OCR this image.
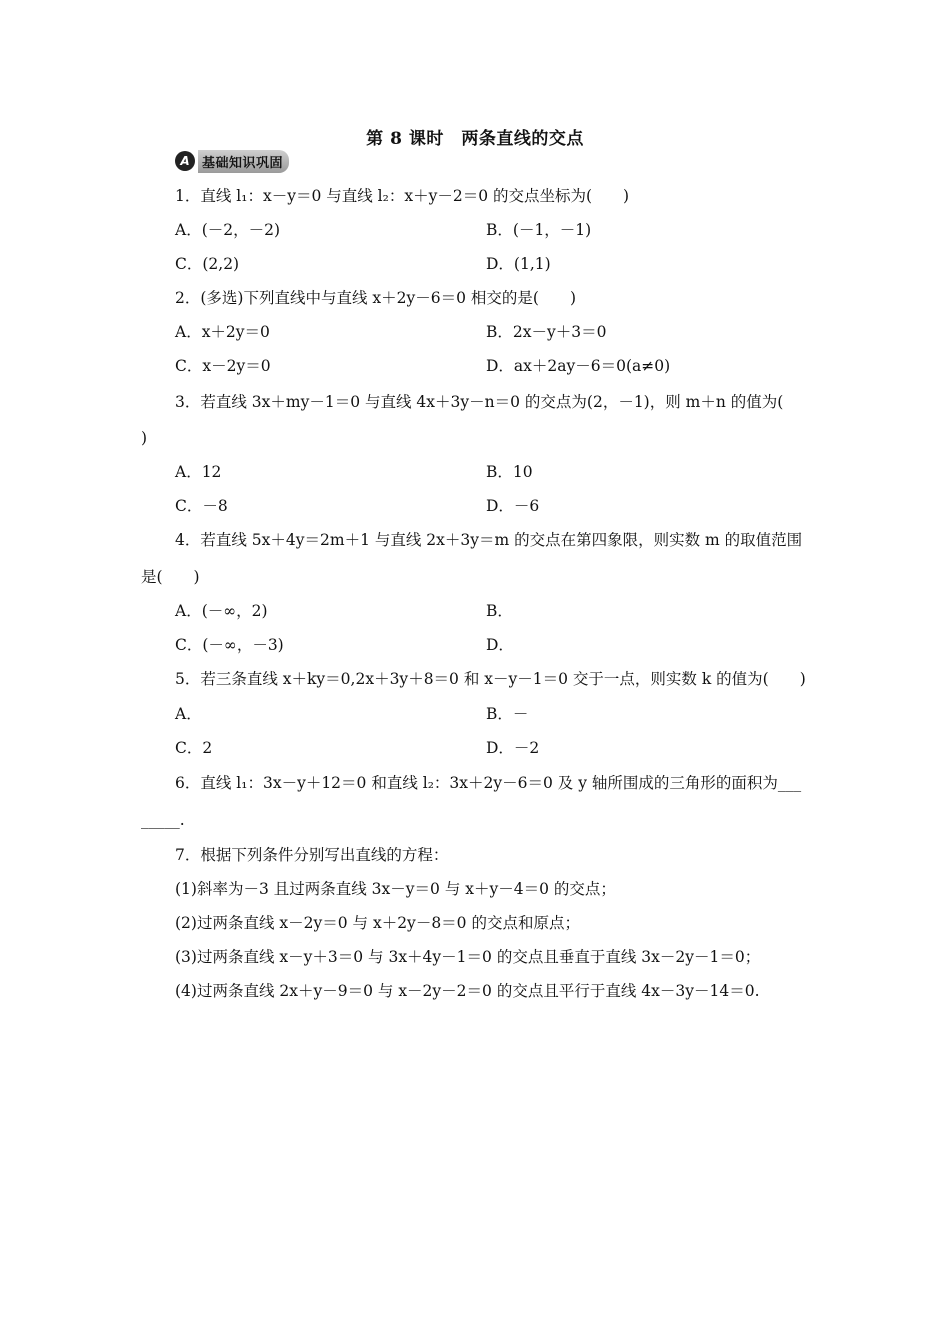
第 8 课时　两条直线的交点
A 基础知识巩固
1．直线 l₁：x－y＝0 与直线 l₂：x＋y－2＝0 的交点坐标为(　　)
A．(－2，－2)	B．(－1，－1)
C．(2,2)	D．(1,1)
2．(多选)下列直线中与直线 x＋2y－6＝0 相交的是(　　)
A．x＋2y＝0	B．2x－y＋3＝0
C．x－2y＝0	D．ax＋2ay－6＝0(a≠0)
3．若直线 3x＋my－1＝0 与直线 4x＋3y－n＝0 的交点为(2，－1)，则 m＋n 的值为(
)
A．12	B．10
C．－8	D．－6
4．若直线 5x＋4y＝2m＋1 与直线 2x＋3y＝m 的交点在第四象限，则实数 m 的取值范围
是(　　)
A．(－∞，2)	B．
C．(－∞，－3)	D．
5．若三条直线 x＋ky＝0,2x＋3y＋8＝0 和 x－y－1＝0 交于一点，则实数 k 的值为(　　)
A．	B．－
C．2	D．－2
6．直线 l₁：3x－y＋12＝0 和直线 l₂：3x＋2y－6＝0 及 y 轴所围成的三角形的面积为___
_____.
7．根据下列条件分别写出直线的方程：
(1)斜率为－3 且过两条直线 3x－y＝0 与 x＋y－4＝0 的交点；
(2)过两条直线 x－2y＝0 与 x＋2y－8＝0 的交点和原点；
(3)过两条直线 x－y＋3＝0 与 3x＋4y－1＝0 的交点且垂直于直线 3x－2y－1＝0；
(4)过两条直线 2x＋y－9＝0 与 x－2y－2＝0 的交点且平行于直线 4x－3y－14＝0.
